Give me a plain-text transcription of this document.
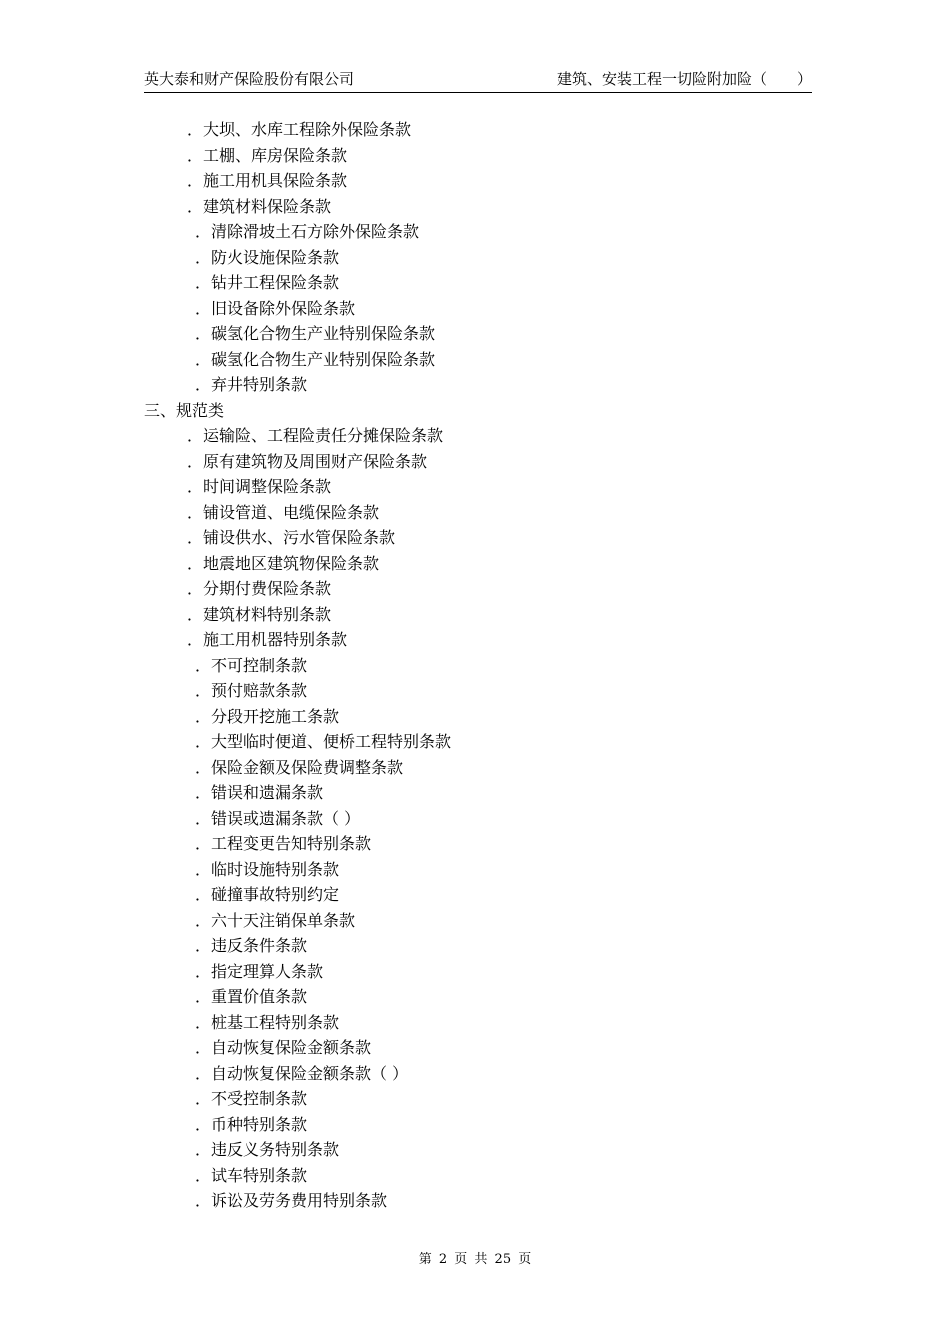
英大泰和财产保险股份有限公司	建筑、安装工程一切险附加险（　　）
．大坝、水库工程除外保险条款
．工棚、库房保险条款
．施工用机具保险条款
．建筑材料保险条款
．清除滑坡土石方除外保险条款
．防火设施保险条款
．钻井工程保险条款
．旧设备除外保险条款
．碳氢化合物生产业特别保险条款
．碳氢化合物生产业特别保险条款
．弃井特别条款
三、规范类
．运输险、工程险责任分摊保险条款
．原有建筑物及周围财产保险条款
．时间调整保险条款
．铺设管道、电缆保险条款
．铺设供水、污水管保险条款
．地震地区建筑物保险条款
．分期付费保险条款
．建筑材料特别条款
．施工用机器特别条款
．不可控制条款
．预付赔款条款
．分段开挖施工条款
．大型临时便道、便桥工程特别条款
．保险金额及保险费调整条款
．错误和遗漏条款
．错误或遗漏条款（ ）
．工程变更告知特别条款
．临时设施特别条款
．碰撞事故特别约定
．六十天注销保单条款
．违反条件条款
．指定理算人条款
．重置价值条款
．桩基工程特别条款
．自动恢复保险金额条款
．自动恢复保险金额条款（ ）
．不受控制条款
．币种特别条款
．违反义务特别条款
．试车特别条款
．诉讼及劳务费用特别条款
第 2 页 共 25 页
